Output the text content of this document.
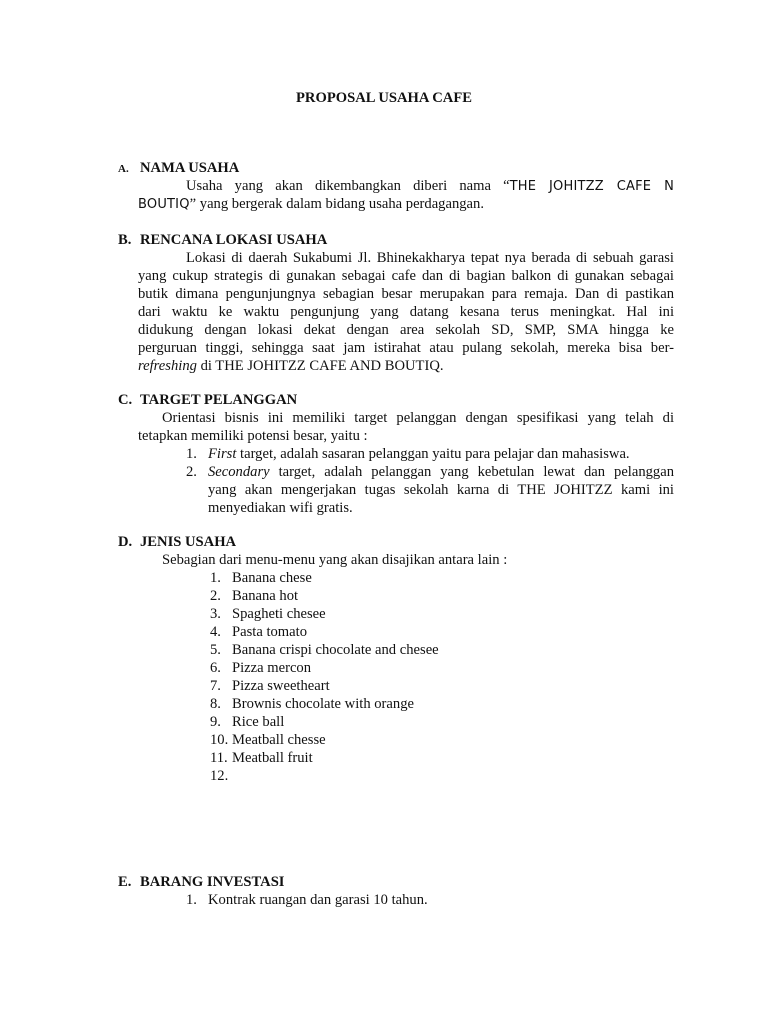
PROPOSAL USAHA CAFE
A. NAMA USAHA
Usaha yang akan dikembangkan diberi nama “THE JOHITZZ CAFE N
BOUTIQ” yang bergerak dalam bidang usaha perdagangan.
B. RENCANA LOKASI USAHA
Lokasi di daerah Sukabumi Jl. Bhinekakharya tepat nya berada di sebuah garasi
yang cukup strategis di gunakan sebagai cafe dan di bagian balkon di gunakan sebagai
butik dimana pengunjungnya sebagian besar merupakan para remaja. Dan di pastikan
dari waktu ke waktu pengunjung yang datang kesana terus meningkat. Hal ini
didukung dengan lokasi dekat dengan area sekolah SD, SMP, SMA hingga ke
perguruan tinggi, sehingga saat jam istirahat atau pulang sekolah, mereka bisa ber-
refreshing di THE JOHITZZ CAFE AND BOUTIQ.
C. TARGET PELANGGAN
Orientasi bisnis ini memiliki target pelanggan dengan spesifikasi yang telah di
tetapkan memiliki potensi besar, yaitu :
1. First target, adalah sasaran pelanggan yaitu para pelajar dan mahasiswa.
2. Secondary target, adalah pelanggan yang kebetulan lewat dan pelanggan
yang akan mengerjakan tugas sekolah karna di THE JOHITZZ kami ini
menyediakan wifi gratis.
D. JENIS USAHA
Sebagian dari menu-menu yang akan disajikan antara lain :
1. Banana chese
2. Banana hot
3. Spagheti chesee
4. Pasta tomato
5. Banana crispi chocolate and chesee
6. Pizza mercon
7. Pizza sweetheart
8. Brownis chocolate with orange
9. Rice ball
10. Meatball chesse
11. Meatball fruit
12.
E. BARANG INVESTASI
1. Kontrak ruangan dan garasi 10 tahun.
